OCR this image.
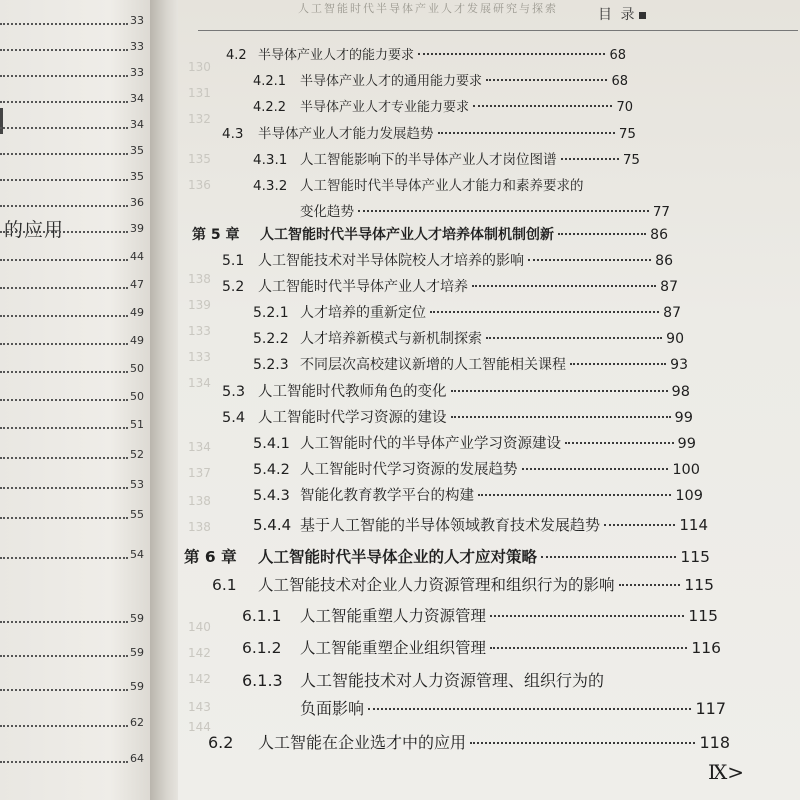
的应用
33
33
33
34
34
35
35
36
39
44
47
49
49
50
50
51
52
53
55
54
59
59
59
62
64
人工智能时代半导体产业人才发展研究与探索	目 录
130
131
132
135
136
138
139
133
133
134
134
137
138
138
140
142
142
143
144
4.2 半导体产业人才的能力要求	68
4.2.1	半导体产业人才的通用能力要求	68
4.2.2	半导体产业人才专业能力要求	70
4.3	半导体产业人才能力发展趋势	75
4.3.1 人工智能影响下的半导体产业人才岗位图谱	75
4.3.2 人工智能时代半导体产业人才能力和素养要求的
变化趋势	77
第 5 章	人工智能时代半导体产业人才培养体制机制创新	86
5.1 人工智能技术对半导体院校人才培养的影响	86
5.2 人工智能时代半导体产业人才培养	87
5.2.1 人才培养的重新定位	87
5.2.2 人才培养新模式与新机制探索	90
5.2.3 不同层次高校建议新增的人工智能相关课程	93
5.3 人工智能时代教师角色的变化	98
5.4 人工智能时代学习资源的建设	99
5.4.1 人工智能时代的半导体产业学习资源建设	99
5.4.2 人工智能时代学习资源的发展趋势	100
5.4.3 智能化教育教学平台的构建	109
5.4.4 基于人工智能的半导体领域教育技术发展趋势	114
第 6 章	人工智能时代半导体企业的人才应对策略	115
6.1	人工智能技术对企业人力资源管理和组织行为的影响	115
6.1.1	人工智能重塑人力资源管理	115
6.1.2	人工智能重塑企业组织管理	116
6.1.3	人工智能技术对人力资源管理、组织行为的
负面影响	117
6.2	人工智能在企业选才中的应用	118
Ⅸ>
